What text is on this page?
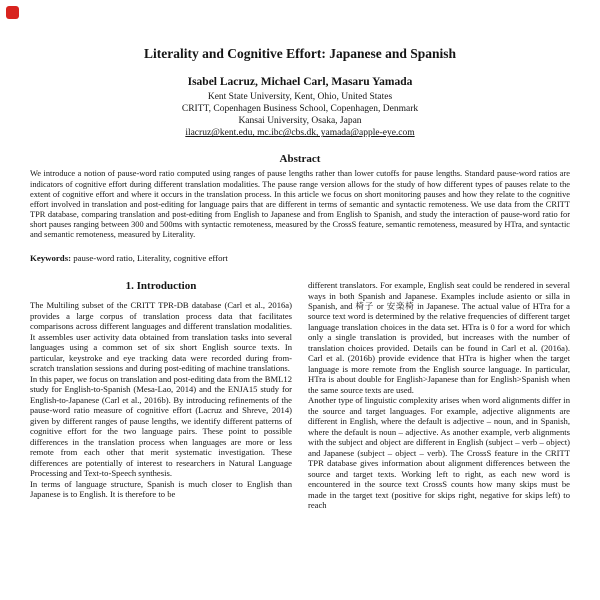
Literality and Cognitive Effort: Japanese and Spanish
Isabel Lacruz, Michael Carl, Masaru Yamada
Kent State University, Kent, Ohio, United States
CRITT, Copenhagen Business School, Copenhagen, Denmark
Kansai University, Osaka, Japan
ilacruz@kent.edu, mc.ibc@cbs.dk, yamada@apple-eye.com
Abstract
We introduce a notion of pause-word ratio computed using ranges of pause lengths rather than lower cutoffs for pause lengths. Standard pause-word ratios are indicators of cognitive effort during different translation modalities. The pause range version allows for the study of how different types of pauses relate to the extent of cognitive effort and where it occurs in the translation process. In this article we focus on short monitoring pauses and how they relate to the cognitive effort involved in translation and post-editing for language pairs that are different in terms of semantic and syntactic remoteness. We use data from the CRITT TPR database, comparing translation and post-editing from English to Japanese and from English to Spanish, and study the interaction of pause-word ratio for short pauses ranging between 300 and 500ms with syntactic remoteness, measured by the CrossS feature, semantic remoteness, measured by HTra, and syntactic and semantic remoteness, measured by Literality.
Keywords: pause-word ratio, Literality, cognitive effort
1. Introduction

The Multiling subset of the CRITT TPR-DB database (Carl et al., 2016a) provides a large corpus of translation process data that facilitates comparisons across different languages and different translation modalities. It assembles user activity data obtained from translation tasks into several languages using a common set of six short English source texts. In particular, keystroke and eye tracking data were recorded during from-scratch translation sessions and during post-editing of machine translations.

In this paper, we focus on translation and post-editing data from the BML12 study for English-to-Spanish (Mesa-Lao, 2014) and the ENJA15 study for English-to-Japanese (Carl et al., 2016b). By introducing refinements of the pause-word ratio measure of cognitive effort (Lacruz and Shreve, 2014) given by different ranges of pause lengths, we identify different patterns of cognitive effort for the two language pairs. These point to possible differences in the translation process when languages are more or less remote from each other that merit systematic investigation. These differences are potentially of interest to researchers in Natural Language Processing and Text-to-Speech synthesis.

In terms of language structure, Spanish is much closer to English than Japanese is to English. It is therefore to be

different translators. For example, English seat could be rendered in several ways in both Spanish and Japanese. Examples include asiento or silla in Spanish, and 椅子 or 安楽椅 in Japanese. The actual value of HTra for a source text word is determined by the relative frequencies of different target language translation choices in the data set. HTra is 0 for a word for which only a single translation is provided, but increases with the number of translation choices provided. Details can be found in Carl et al. (2016a). Carl et al. (2016b) provide evidence that HTra is higher when the target language is more remote from the English source language. In particular, HTra is about double for English>Japanese than for English>Spanish when the same source texts are used.

Another type of linguistic complexity arises when word alignments differ in the source and target languages. For example, adjective alignments are different in English, where the default is adjective – noun, and in Spanish, where the default is noun – adjective. As another example, verb alignments with the subject and object are different in English (subject – verb – object) and Japanese (subject – object – verb). The CrossS feature in the CRITT TPR database gives information about alignment differences between the source and target texts. Working left to right, as each new word is encountered in the source text CrossS counts how many skips must be made in the target text (positive for skips right, negative for skips left) to reach
